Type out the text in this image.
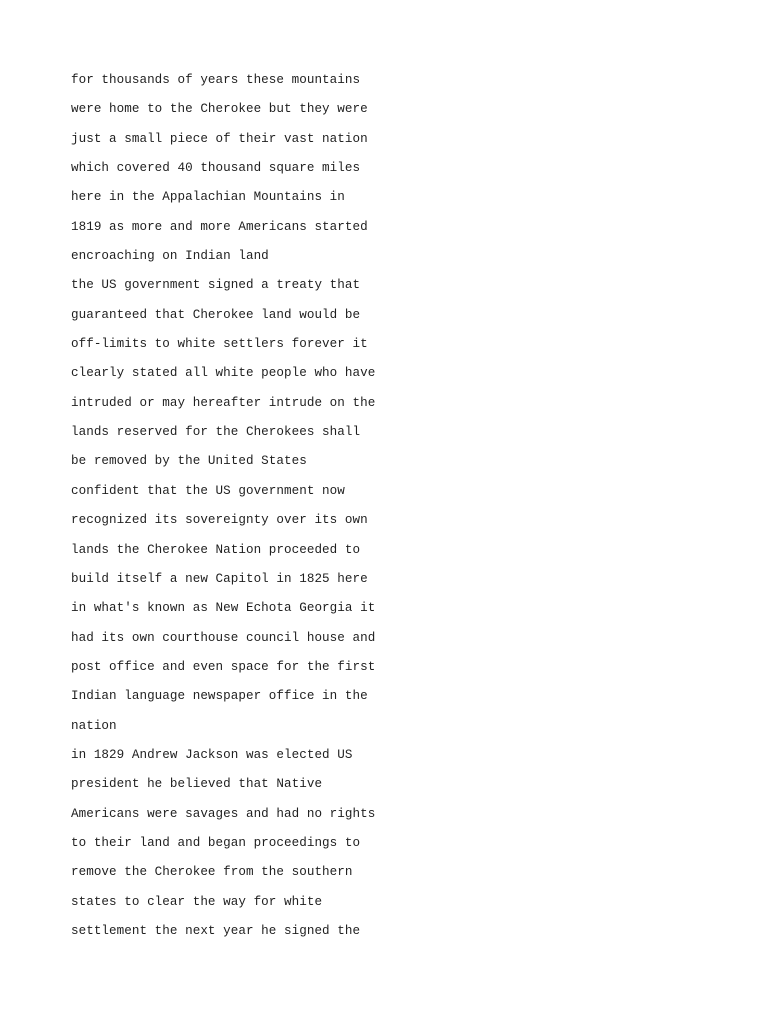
for thousands of years these mountains
were home to the Cherokee but they were
just a small piece of their vast nation
which covered 40 thousand square miles
here in the Appalachian Mountains in
1819 as more and more Americans started
encroaching on Indian land
the US government signed a treaty that
guaranteed that Cherokee land would be
off-limits to white settlers forever it
clearly stated all white people who have
intruded or may hereafter intrude on the
lands reserved for the Cherokees shall
be removed by the United States
confident that the US government now
recognized its sovereignty over its own
lands the Cherokee Nation proceeded to
build itself a new Capitol in 1825 here
in what's known as New Echota Georgia it
had its own courthouse council house and
post office and even space for the first
Indian language newspaper office in the
nation
in 1829 Andrew Jackson was elected US
president he believed that Native
Americans were savages and had no rights
to their land and began proceedings to
remove the Cherokee from the southern
states to clear the way for white
settlement the next year he signed the
